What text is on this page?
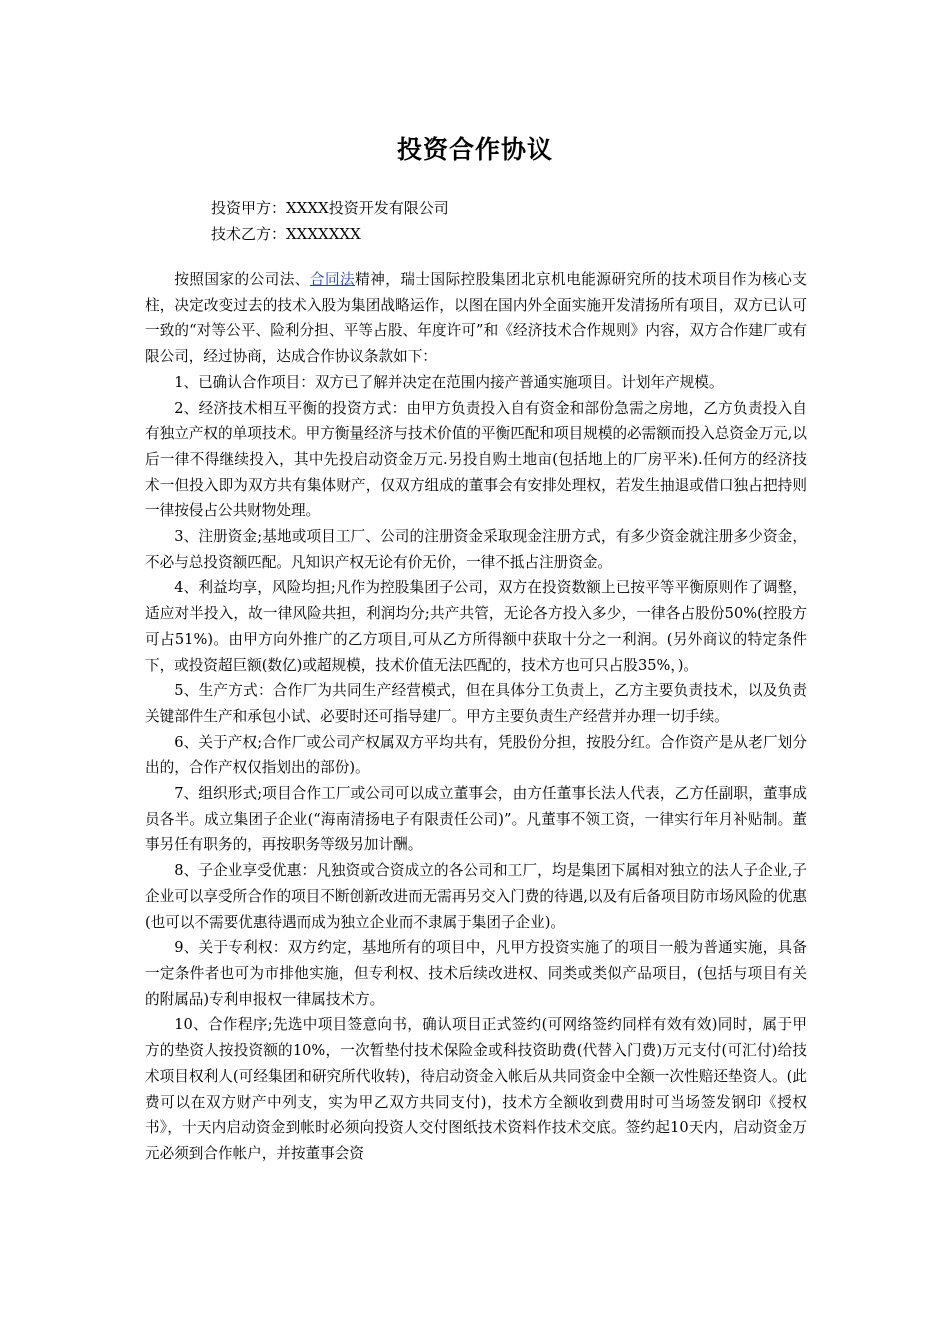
投资合作协议
投资甲方：XXXX投资开发有限公司
技术乙方：XXXXXXX

按照国家的公司法、合同法精神，瑞士国际控股集团北京机电能源研究所的技术项目作为核心支柱，决定改变过去的技术入股为集团战略运作，以图在国内外全面实施开发清扬所有项目，双方已认可一致的“对等公平、险利分担、平等占股、年度许可”和《经济技术合作规则》内容，双方合作建厂或有限公司，经过协商，达成合作协议条款如下：

1、已确认合作项目：双方已了解并决定在范围内接产普通实施项目。计划年产规模。

2、经济技术相互平衡的投资方式：由甲方负责投入自有资金和部份急需之房地，乙方负责投入自有独立产权的单项技术。甲方衡量经济与技术价值的平衡匹配和项目规模的必需额而投入总资金万元,以后一律不得继续投入，其中先投启动资金万元.另投自购土地亩(包括地上的厂房平米).任何方的经济技术一但投入即为双方共有集体财产，仅双方组成的董事会有安排处理权，若发生抽退或借口独占把持则一律按侵占公共财物处理。

3、注册资金;基地或项目工厂、公司的注册资金采取现金注册方式，有多少资金就注册多少资金，不必与总投资额匹配。凡知识产权无论有价无价，一律不抵占注册资金。

4、利益均享，风险均担;凡作为控股集团子公司，双方在投资数额上已按平等平衡原则作了调整，适应对半投入，故一律风险共担，利润均分;共产共管，无论各方投入多少，一律各占股份50%(控股方可占51%)。由甲方向外推广的乙方项目,可从乙方所得额中获取十分之一利润。(另外商议的特定条件下，或投资超巨额(数亿)或超规模，技术价值无法匹配的，技术方也可只占股35%，)。

5、生产方式：合作厂为共同生产经营模式，但在具体分工负责上，乙方主要负责技术，以及负责关键部件生产和承包小试、必要时还可指导建厂。甲方主要负责生产经营并办理一切手续。

6、关于产权;合作厂或公司产权属双方平均共有，凭股份分担，按股分红。合作资产是从老厂划分出的，合作产权仅指划出的部份)。

7、组织形式;项目合作工厂或公司可以成立董事会，由方任董事长法人代表，乙方任副职，董事成员各半。成立集团子企业(“海南清扬电子有限责任公司)”。凡董事不领工资，一律实行年月补贴制。董事另任有职务的，再按职务等级另加计酬。

8、子企业享受优惠：凡独资或合资成立的各公司和工厂，均是集团下属相对独立的法人子企业,子企业可以享受所合作的项目不断创新改进而无需再另交入门费的待遇,以及有后备项目防市场风险的优惠(也可以不需要优惠待遇而成为独立企业而不隶属于集团子企业)。

9、关于专利权：双方约定，基地所有的项目中，凡甲方投资实施了的项目一般为普通实施，具备一定条件者也可为市排他实施，但专利权、技术后续改进权、同类或类似产品项目，(包括与项目有关的附属品)专利申报权一律属技术方。

10、合作程序;先选中项目签意向书，确认项目正式签约(可网络签约同样有效有效)同时，属于甲方的垫资人按投资额的10%，一次暂垫付技术保险金或科技资助费(代替入门费)万元支付(可汇付)给技术项目权利人(可经集团和研究所代收转)，待启动资金入帐后从共同资金中全额一次性赔还垫资人。(此费可以在双方财产中列支，实为甲乙双方共同支付)，技术方全额收到费用时可当场签发钢印《授权书》，十天内启动资金到帐时必须向投资人交付图纸技术资料作技术交底。签约起10天内，启动资金万元必须到合作帐户，并按董事会资
